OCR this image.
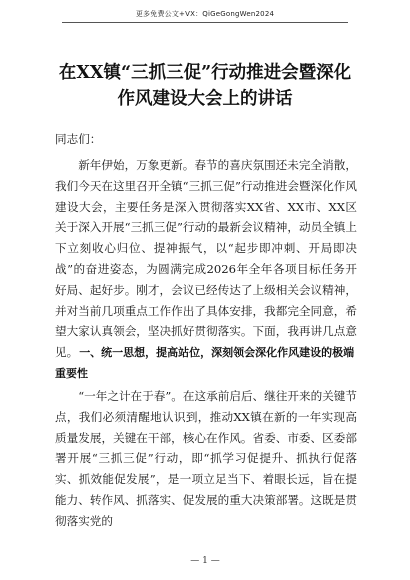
更多免费公文+VX：QiGeGongWen2024
在XX镇“三抓三促”行动推进会暨深化
作风建设大会上的讲话
同志们：
新年伊始，万象更新。春节的喜庆氛围还未完全消散，我们今天在这里召开全镇“三抓三促”行动推进会暨深化作风建设大会，主要任务是深入贯彻落实XX省、XX市、XX区关于深入开展“三抓三促”行动的最新会议精神，动员全镇上下立刻收心归位、提神振气，以“起步即冲刺、开局即决战”的奋进姿态，为圆满完成2026年全年各项目标任务开好局、起好步。刚才，会议已经传达了上级相关会议精神，并对当前几项重点工作作出了具体安排，我都完全同意，希望大家认真领会，坚决抓好贯彻落实。下面，我再讲几点意见。 一、统一思想，提高站位，深刻领会深化作风建设的极端重要性
“一年之计在于春”。在这承前启后、继往开来的关键节点，我们必须清醒地认识到，推动XX镇在新的一年实现高质量发展，关键在干部，核心在作风。省委、市委、区委部署开展“三抓三促”行动，即“抓学习促提升、抓执行促落实、抓效能促发展”，是一项立足当下、着眼长远，旨在提能力、转作风、抓落实、促发展的重大决策部署。这既是贯彻落实党的
— 1 —
